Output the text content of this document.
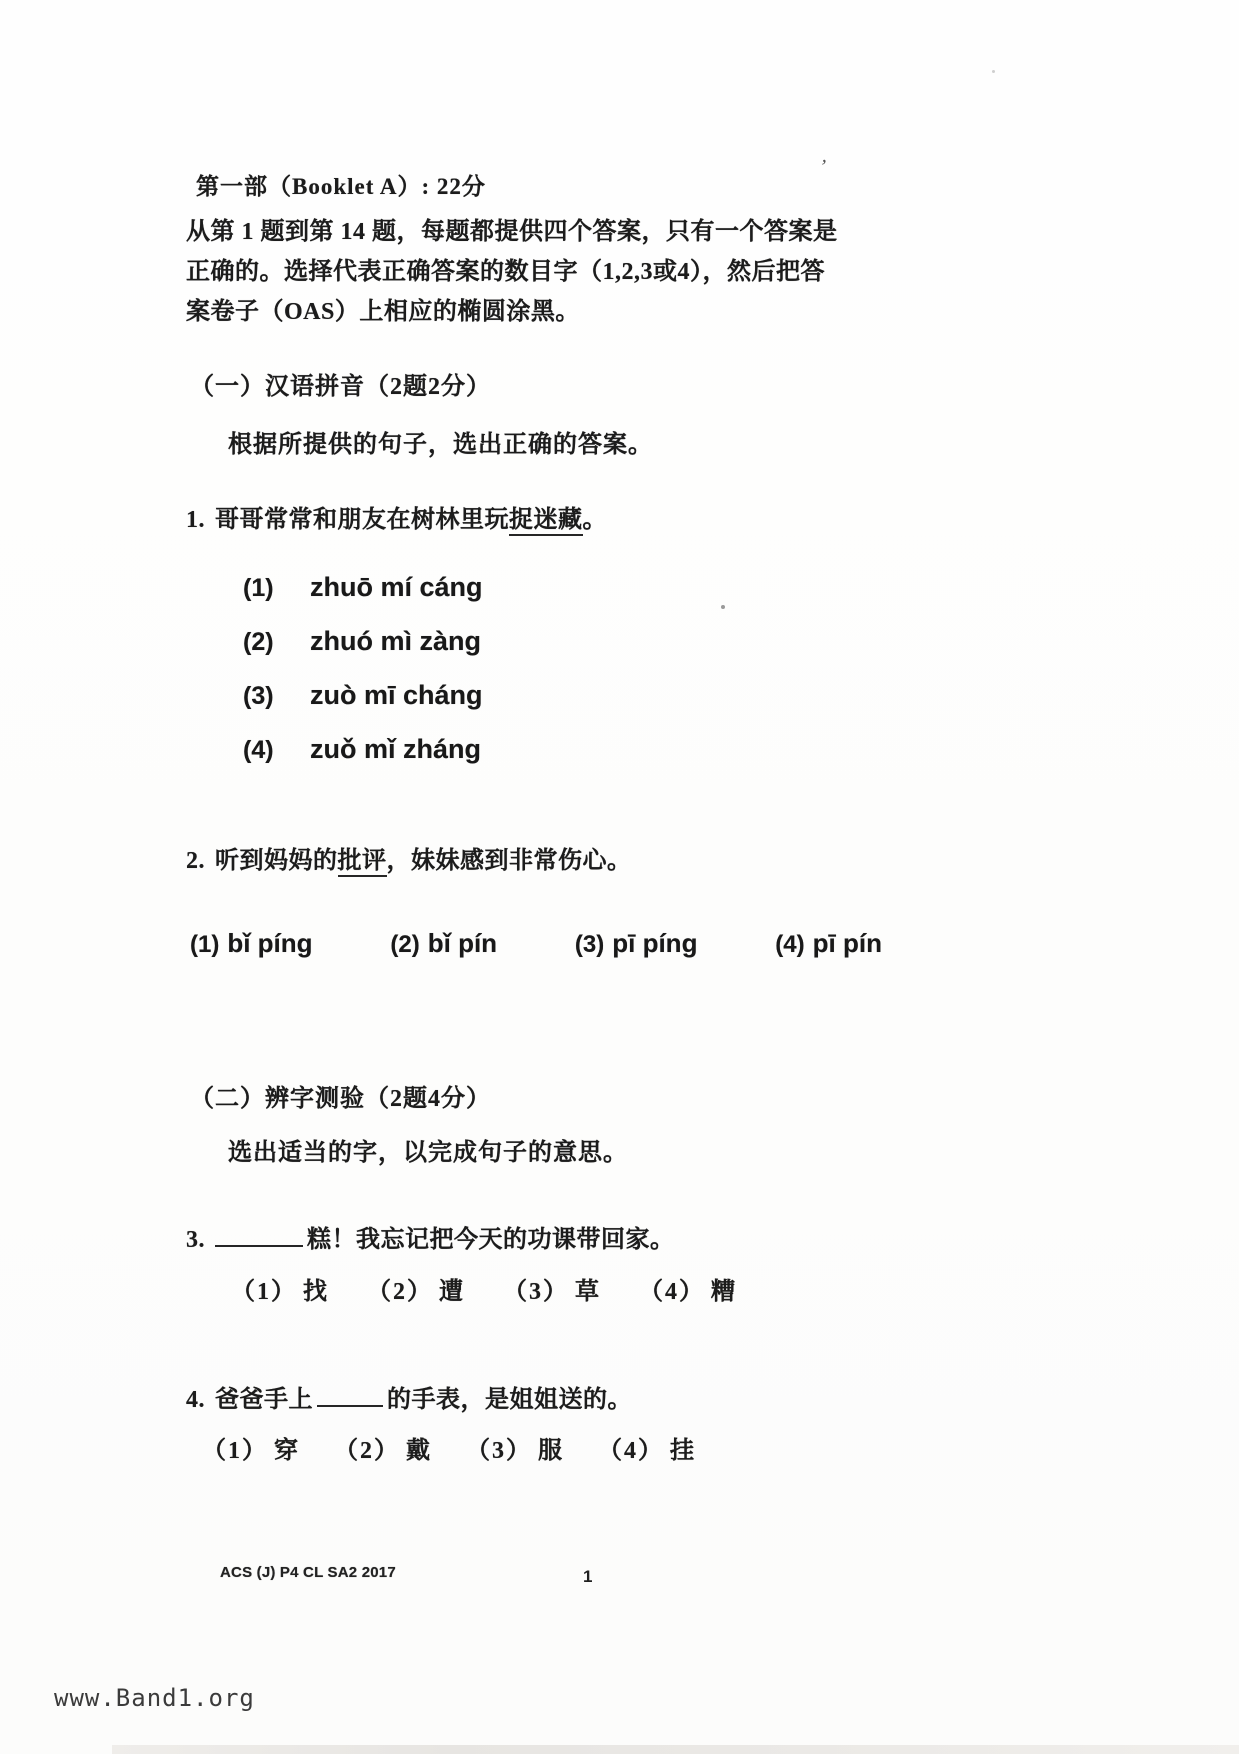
’
第一部（Booklet A）: 22分
从第 1 题到第 14 题，每题都提供四个答案，只有一个答案是
正确的。选择代表正确答案的数目字（1,2,3或4），然后把答
案卷子（OAS）上相应的椭圆涂黑。
（一）汉语拼音（2题2分）
根据所提供的句子，选出正确的答案。
1. 哥哥常常和朋友在树林里玩捉迷藏。
(1) zhuō mí cáng
(2) zhuó mì zàng
(3) zuò mī cháng
(4) zuǒ mǐ zháng
2. 听到妈妈的批评，妹妹感到非常伤心。
(1) bǐ píng	(2) bǐ pín	(3) pī píng	(4) pī pín
（二）辨字测验（2题4分）
选出适当的字，以完成句子的意思。
3.	糕！我忘记把今天的功课带回家。
（1） 找 （2） 遭 （3） 草 （4） 糟
4. 爸爸手上	的手表，是姐姐送的。
（1） 穿 （2） 戴 （3） 服 （4） 挂
ACS (J) P4 CL SA2 2017	1
www.Band1.org
